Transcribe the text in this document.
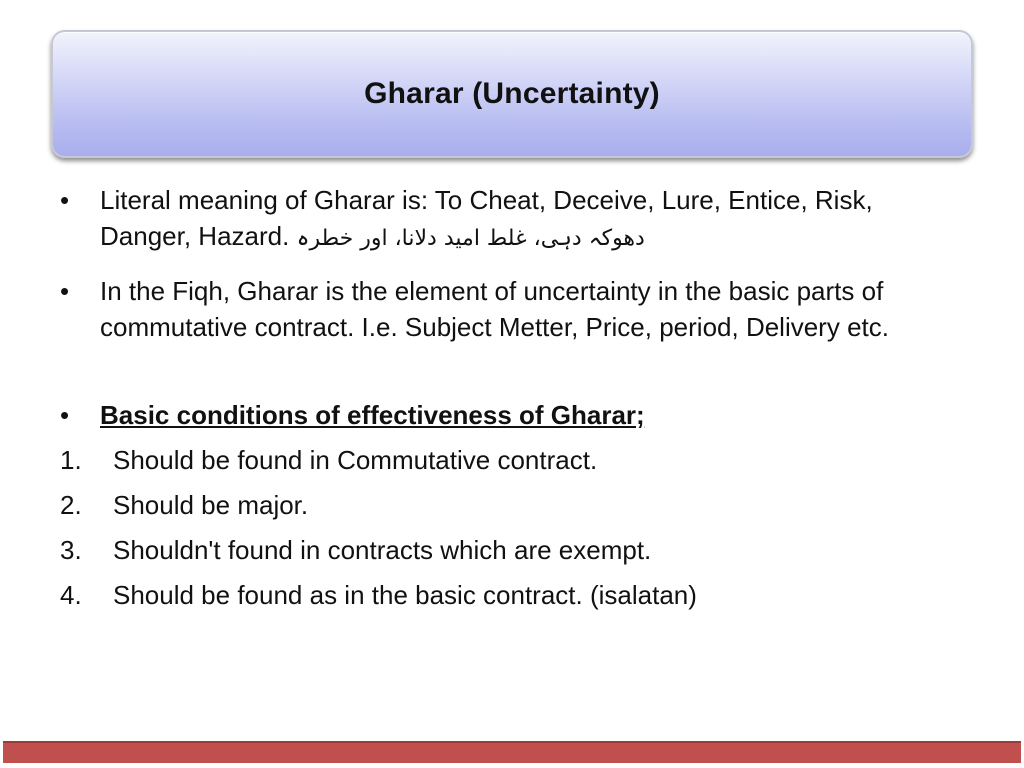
Gharar (Uncertainty)
• Literal meaning of Gharar is: To Cheat, Deceive, Lure, Entice, Risk, Danger, Hazard. دھوکہ دہی، غلط امید دلانا، اور خطرہ
• In the Fiqh, Gharar is the element of uncertainty in the basic parts of commutative contract. I.e. Subject Metter, Price, period, Delivery etc.
• Basic conditions of effectiveness of Gharar;
1. Should be found in Commutative contract.
2. Should be major.
3. Shouldn't found in contracts which are exempt.
4. Should be found as in the basic contract. (isalatan)
